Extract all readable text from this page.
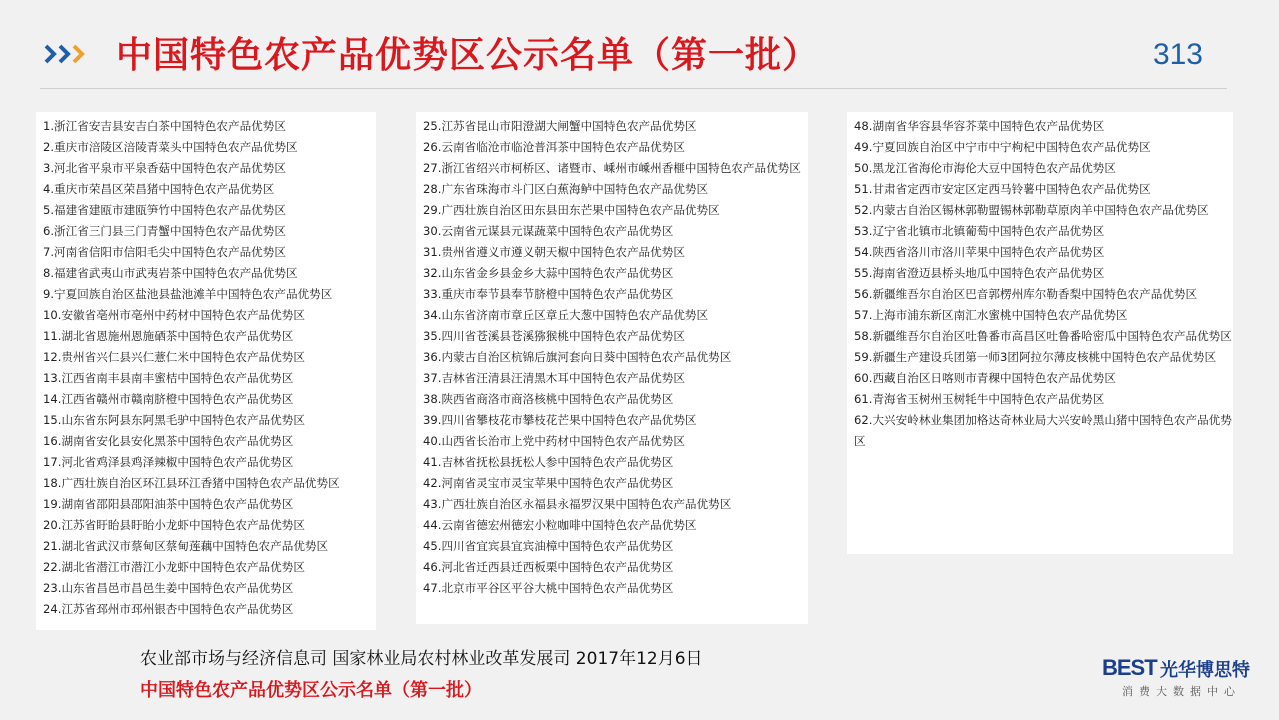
中国特色农产品优势区公示名单（第一批）	313
1.浙江省安吉县安吉白茶中国特色农产品优势区
2.重庆市涪陵区涪陵青菜头中国特色农产品优势区
3.河北省平泉市平泉香菇中国特色农产品优势区
4.重庆市荣昌区荣昌猪中国特色农产品优势区
5.福建省建瓯市建瓯笋竹中国特色农产品优势区
6.浙江省三门县三门青蟹中国特色农产品优势区
7.河南省信阳市信阳毛尖中国特色农产品优势区
8.福建省武夷山市武夷岩茶中国特色农产品优势区
9.宁夏回族自治区盐池县盐池滩羊中国特色农产品优势区
10.安徽省亳州市亳州中药材中国特色农产品优势区
11.湖北省恩施州恩施硒茶中国特色农产品优势区
12.贵州省兴仁县兴仁薏仁米中国特色农产品优势区
13.江西省南丰县南丰蜜桔中国特色农产品优势区
14.江西省赣州市赣南脐橙中国特色农产品优势区
15.山东省东阿县东阿黑毛驴中国特色农产品优势区
16.湖南省安化县安化黑茶中国特色农产品优势区
17.河北省鸡泽县鸡泽辣椒中国特色农产品优势区
18.广西壮族自治区环江县环江香猪中国特色农产品优势区
19.湖南省邵阳县邵阳油茶中国特色农产品优势区
20.江苏省盱眙县盱眙小龙虾中国特色农产品优势区
21.湖北省武汉市蔡甸区蔡甸莲藕中国特色农产品优势区
22.湖北省潜江市潜江小龙虾中国特色农产品优势区
23.山东省昌邑市昌邑生姜中国特色农产品优势区
24.江苏省邳州市邳州银杏中国特色农产品优势区
25.江苏省昆山市阳澄湖大闸蟹中国特色农产品优势区
26.云南省临沧市临沧普洱茶中国特色农产品优势区
27.浙江省绍兴市柯桥区、诸暨市、嵊州市嵊州香榧中国特色农产品优势区
28.广东省珠海市斗门区白蕉海鲈中国特色农产品优势区
29.广西壮族自治区田东县田东芒果中国特色农产品优势区
30.云南省元谋县元谋蔬菜中国特色农产品优势区
31.贵州省遵义市遵义朝天椒中国特色农产品优势区
32.山东省金乡县金乡大蒜中国特色农产品优势区
33.重庆市奉节县奉节脐橙中国特色农产品优势区
34.山东省济南市章丘区章丘大葱中国特色农产品优势区
35.四川省苍溪县苍溪猕猴桃中国特色农产品优势区
36.内蒙古自治区杭锦后旗河套向日葵中国特色农产品优势区
37.吉林省汪清县汪清黑木耳中国特色农产品优势区
38.陕西省商洛市商洛核桃中国特色农产品优势区
39.四川省攀枝花市攀枝花芒果中国特色农产品优势区
40.山西省长治市上党中药材中国特色农产品优势区
41.吉林省抚松县抚松人参中国特色农产品优势区
42.河南省灵宝市灵宝苹果中国特色农产品优势区
43.广西壮族自治区永福县永福罗汉果中国特色农产品优势区
44.云南省德宏州德宏小粒咖啡中国特色农产品优势区
45.四川省宜宾县宜宾油樟中国特色农产品优势区
46.河北省迁西县迁西板栗中国特色农产品优势区
47.北京市平谷区平谷大桃中国特色农产品优势区
48.湖南省华容县华容芥菜中国特色农产品优势区
49.宁夏回族自治区中宁市中宁枸杞中国特色农产品优势区
50.黑龙江省海伦市海伦大豆中国特色农产品优势区
51.甘肃省定西市安定区定西马铃薯中国特色农产品优势区
52.内蒙古自治区锡林郭勒盟锡林郭勒草原肉羊中国特色农产品优势区
53.辽宁省北镇市北镇葡萄中国特色农产品优势区
54.陕西省洛川市洛川苹果中国特色农产品优势区
55.海南省澄迈县桥头地瓜中国特色农产品优势区
56.新疆维吾尔自治区巴音郭楞州库尔勒香梨中国特色农产品优势区
57.上海市浦东新区南汇水蜜桃中国特色农产品优势区
58.新疆维吾尔自治区吐鲁番市高昌区吐鲁番哈密瓜中国特色农产品优势区
59.新疆生产建设兵团第一师3团阿拉尔薄皮核桃中国特色农产品优势区
60.西藏自治区日喀则市青稞中国特色农产品优势区
61.青海省玉树州玉树牦牛中国特色农产品优势区
62.大兴安岭林业集团加格达奇林业局大兴安岭黑山猪中国特色农产品优势区
农业部市场与经济信息司 国家林业局农村林业改革发展司 2017年12月6日
中国特色农产品优势区公示名单（第一批）
BEST 光华博思特
消费大数据中心
